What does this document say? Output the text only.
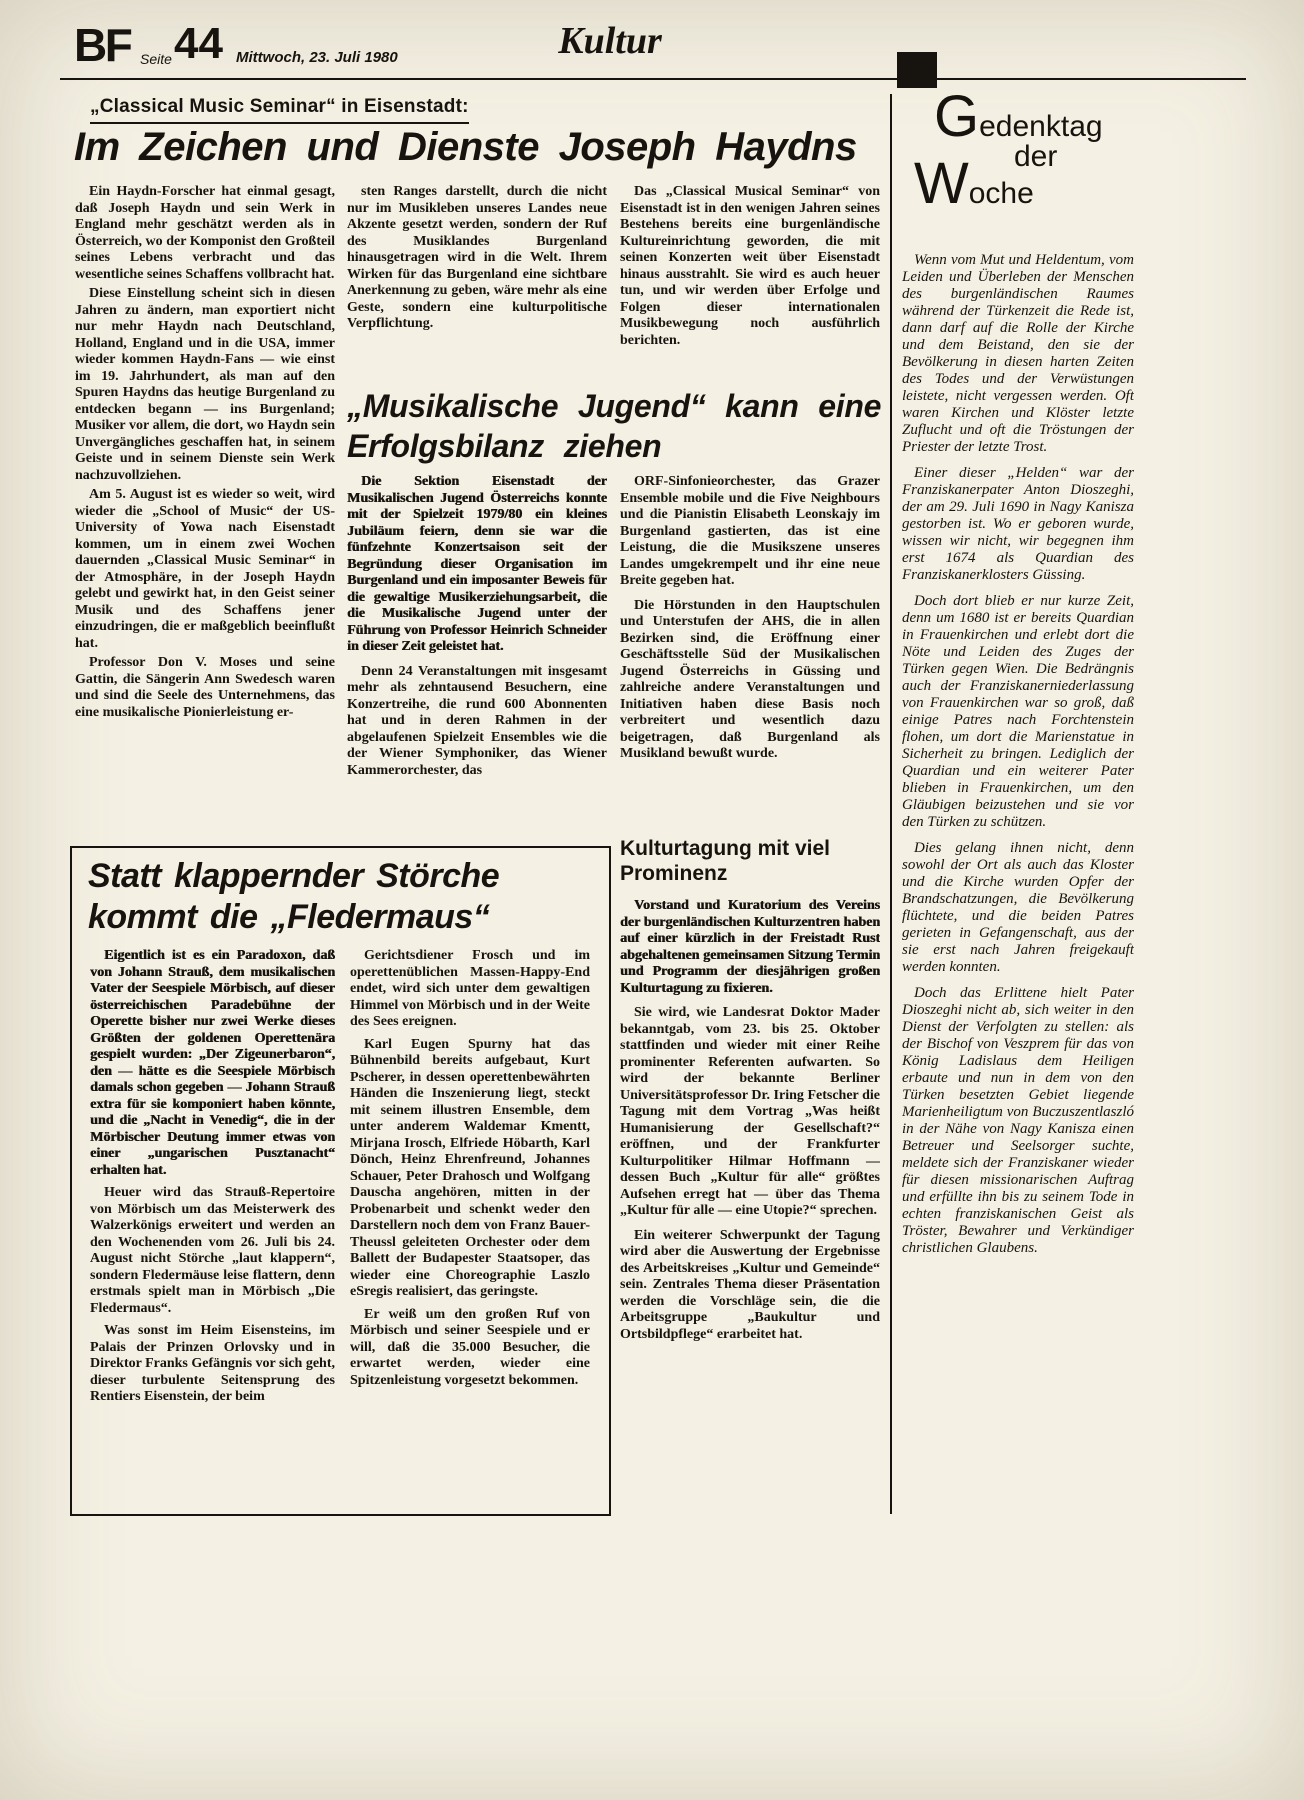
BF Seite 44 Mittwoch, 23. Juli 1980	Kultur
„Classical Music Seminar“ in Eisenstadt:
Im Zeichen und Dienste Joseph Haydns

Ein Haydn-Forscher hat einmal gesagt, daß Joseph Haydn und sein Werk in England mehr geschätzt werden als in Österreich, wo der Komponist den Großteil seines Lebens verbracht und das wesentliche seines Schaffens vollbracht hat.

Diese Einstellung scheint sich in diesen Jahren zu ändern, man exportiert nicht nur mehr Haydn nach Deutschland, Holland, England und in die USA, immer wieder kommen Haydn-Fans — wie einst im 19. Jahrhundert, als man auf den Spuren Haydns das heutige Burgenland zu entdecken begann — ins Burgenland; Musiker vor allem, die dort, wo Haydn sein Unvergängliches geschaffen hat, in seinem Geiste und in seinem Dienste sein Werk nachzuvollziehen.

Am 5. August ist es wieder so weit, wird wieder die „School of Music“ der US-University of Yowa nach Eisenstadt kommen, um in einem zwei Wochen dauernden „Classical Music Seminar“ in der Atmosphäre, in der Joseph Haydn gelebt und gewirkt hat, in den Geist seiner Musik und des Schaffens jener einzudringen, die er maßgeblich beeinflußt hat.

Professor Don V. Moses und seine Gattin, die Sängerin Ann Swedesch waren und sind die Seele des Unternehmens, das eine musikalische Pionierleistung er-

sten Ranges darstellt, durch die nicht nur im Musikleben unseres Landes neue Akzente gesetzt werden, sondern der Ruf des Musiklandes Burgenland hinausgetragen wird in die Welt. Ihrem Wirken für das Burgenland eine sichtbare Anerkennung zu geben, wäre mehr als eine Geste, sondern eine kulturpolitische Verpflichtung.

Das „Classical Musical Seminar“ von Eisenstadt ist in den wenigen Jahren seines Bestehens bereits eine burgenländische Kultureinrichtung geworden, die mit seinen Konzerten weit über Eisenstadt hinaus ausstrahlt. Sie wird es auch heuer tun, und wir werden über Erfolge und Folgen dieser internationalen Musikbewegung noch ausführlich berichten.

„Musikalische Jugend“ kann eine Erfolgsbilanz ziehen

Die Sektion Eisenstadt der Musikalischen Jugend Österreichs konnte mit der Spielzeit 1979/80 ein kleines Jubiläum feiern, denn sie war die fünfzehnte Konzertsaison seit der Begründung dieser Organisation im Burgenland und ein imposanter Beweis für die gewaltige Musikerziehungsarbeit, die die Musikalische Jugend unter der Führung von Professor Heinrich Schneider in dieser Zeit geleistet hat.

Denn 24 Veranstaltungen mit insgesamt mehr als zehntausend Besuchern, eine Konzertreihe, die rund 600 Abonnenten hat und in deren Rahmen in der abgelaufenen Spielzeit Ensembles wie die der Wiener Symphoniker, das Wiener Kammerorchester, das

ORF-Sinfonieorchester, das Grazer Ensemble mobile und die Five Neighbours und die Pianistin Elisabeth Leonskajy im Burgenland gastierten, das ist eine Leistung, die die Musikszene unseres Landes umgekrempelt und ihr eine neue Breite gegeben hat.

Die Hörstunden in den Hauptschulen und Unterstufen der AHS, die in allen Bezirken sind, die Eröffnung einer Geschäftsstelle Süd der Musikalischen Jugend Österreichs in Güssing und zahlreiche andere Veranstaltungen und Initiativen haben diese Basis noch verbreitert und wesentlich dazu beigetragen, daß Burgenland als Musikland bewußt wurde.

Kulturtagung mit viel Prominenz

Vorstand und Kuratorium des Vereins der burgenländischen Kulturzentren haben auf einer kürzlich in der Freistadt Rust abgehaltenen gemeinsamen Sitzung Termin und Programm der diesjährigen großen Kulturtagung zu fixieren.

Sie wird, wie Landesrat Doktor Mader bekanntgab, vom 23. bis 25. Oktober stattfinden und wieder mit einer Reihe prominenter Referenten aufwarten. So wird der bekannte Berliner Universitätsprofessor Dr. Iring Fetscher die Tagung mit dem Vortrag „Was heißt Humanisierung der Gesellschaft?“ eröffnen, und der Frankfurter Kulturpolitiker Hilmar Hoffmann — dessen Buch „Kultur für alle“ größtes Aufsehen erregt hat — über das Thema „Kultur für alle — eine Utopie?“ sprechen.

Ein weiterer Schwerpunkt der Tagung wird aber die Auswertung der Ergebnisse des Arbeitskreises „Kultur und Gemeinde“ sein. Zentrales Thema dieser Präsentation werden die Vorschläge sein, die die Arbeitsgruppe „Baukultur und Ortsbildpflege“ erarbeitet hat.

Statt klappernder Störche
kommt die „Fledermaus“

Eigentlich ist es ein Paradoxon, daß von Johann Strauß, dem musikalischen Vater der Seespiele Mörbisch, auf dieser österreichischen Paradebühne der Operette bisher nur zwei Werke dieses Größten der goldenen Operettenära gespielt wurden: „Der Zigeunerbaron“, den — hätte es die Seespiele Mörbisch damals schon gegeben — Johann Strauß extra für sie komponiert haben könnte, und die „Nacht in Venedig“, die in der Mörbischer Deutung immer etwas von einer „ungarischen Pusztanacht“ erhalten hat.

Heuer wird das Strauß-Repertoire von Mörbisch um das Meisterwerk des Walzerkönigs erweitert und werden an den Wochenenden vom 26. Juli bis 24. August nicht Störche „laut klappern“, sondern Fledermäuse leise flattern, denn erstmals spielt man in Mörbisch „Die Fledermaus“.

Was sonst im Heim Eisensteins, im Palais der Prinzen Orlovsky und in Direktor Franks Gefängnis vor sich geht, dieser turbulente Seitensprung des Rentiers Eisenstein, der beim

Gerichtsdiener Frosch und im operettenüblichen Massen-Happy-End endet, wird sich unter dem gewaltigen Himmel von Mörbisch und in der Weite des Sees ereignen.

Karl Eugen Spurny hat das Bühnenbild bereits aufgebaut, Kurt Pscherer, in dessen operettenbewährten Händen die Inszenierung liegt, steckt mit seinem illustren Ensemble, dem unter anderem Waldemar Kmentt, Mirjana Irosch, Elfriede Höbarth, Karl Dönch, Heinz Ehrenfreund, Johannes Schauer, Peter Drahosch und Wolfgang Dauscha angehören, mitten in der Probenarbeit und schenkt weder den Darstellern noch dem von Franz Bauer-Theussl geleiteten Orchester oder dem Ballett der Budapester Staatsoper, das wieder eine Choreographie Laszlo eSregis realisiert, das geringste.

Er weiß um den großen Ruf von Mörbisch und seiner Seespiele und er will, daß die 35.000 Besucher, die erwartet werden, wieder eine Spitzenleistung vorgesetzt bekommen.

Gedenktag
der
Woche

Wenn vom Mut und Heldentum, vom Leiden und Überleben der Menschen des burgenländischen Raumes während der Türkenzeit die Rede ist, dann darf auf die Rolle der Kirche und dem Beistand, den sie der Bevölkerung in diesen harten Zeiten des Todes und der Verwüstungen leistete, nicht vergessen werden. Oft waren Kirchen und Klöster letzte Zuflucht und oft die Tröstungen der Priester der letzte Trost.

Einer dieser „Helden“ war der Franziskanerpater Anton Dioszeghi, der am 29. Juli 1690 in Nagy Kanisza gestorben ist. Wo er geboren wurde, wissen wir nicht, wir begegnen ihm erst 1674 als Quardian des Franziskanerklosters Güssing.

Doch dort blieb er nur kurze Zeit, denn um 1680 ist er bereits Quardian in Frauenkirchen und erlebt dort die Nöte und Leiden des Zuges der Türken gegen Wien. Die Bedrängnis auch der Franziskanerniederlassung von Frauenkirchen war so groß, daß einige Patres nach Forchtenstein flohen, um dort die Marienstatue in Sicherheit zu bringen. Lediglich der Quardian und ein weiterer Pater blieben in Frauenkirchen, um den Gläubigen beizustehen und sie vor den Türken zu schützen.

Dies gelang ihnen nicht, denn sowohl der Ort als auch das Kloster und die Kirche wurden Opfer der Brandschatzungen, die Bevölkerung flüchtete, und die beiden Patres gerieten in Gefangenschaft, aus der sie erst nach Jahren freigekauft werden konnten.

Doch das Erlittene hielt Pater Dioszeghi nicht ab, sich weiter in den Dienst der Verfolgten zu stellen: als der Bischof von Veszprem für das von König Ladislaus dem Heiligen erbaute und nun in dem von den Türken besetzten Gebiet liegende Marienheiligtum von Buczuszentlaszló in der Nähe von Nagy Kanisza einen Betreuer und Seelsorger suchte, meldete sich der Franziskaner wieder für diesen missionarischen Auftrag und erfüllte ihn bis zu seinem Tode in echten franziskanischen Geist als Tröster, Bewahrer und Verkündiger christlichen Glaubens.
